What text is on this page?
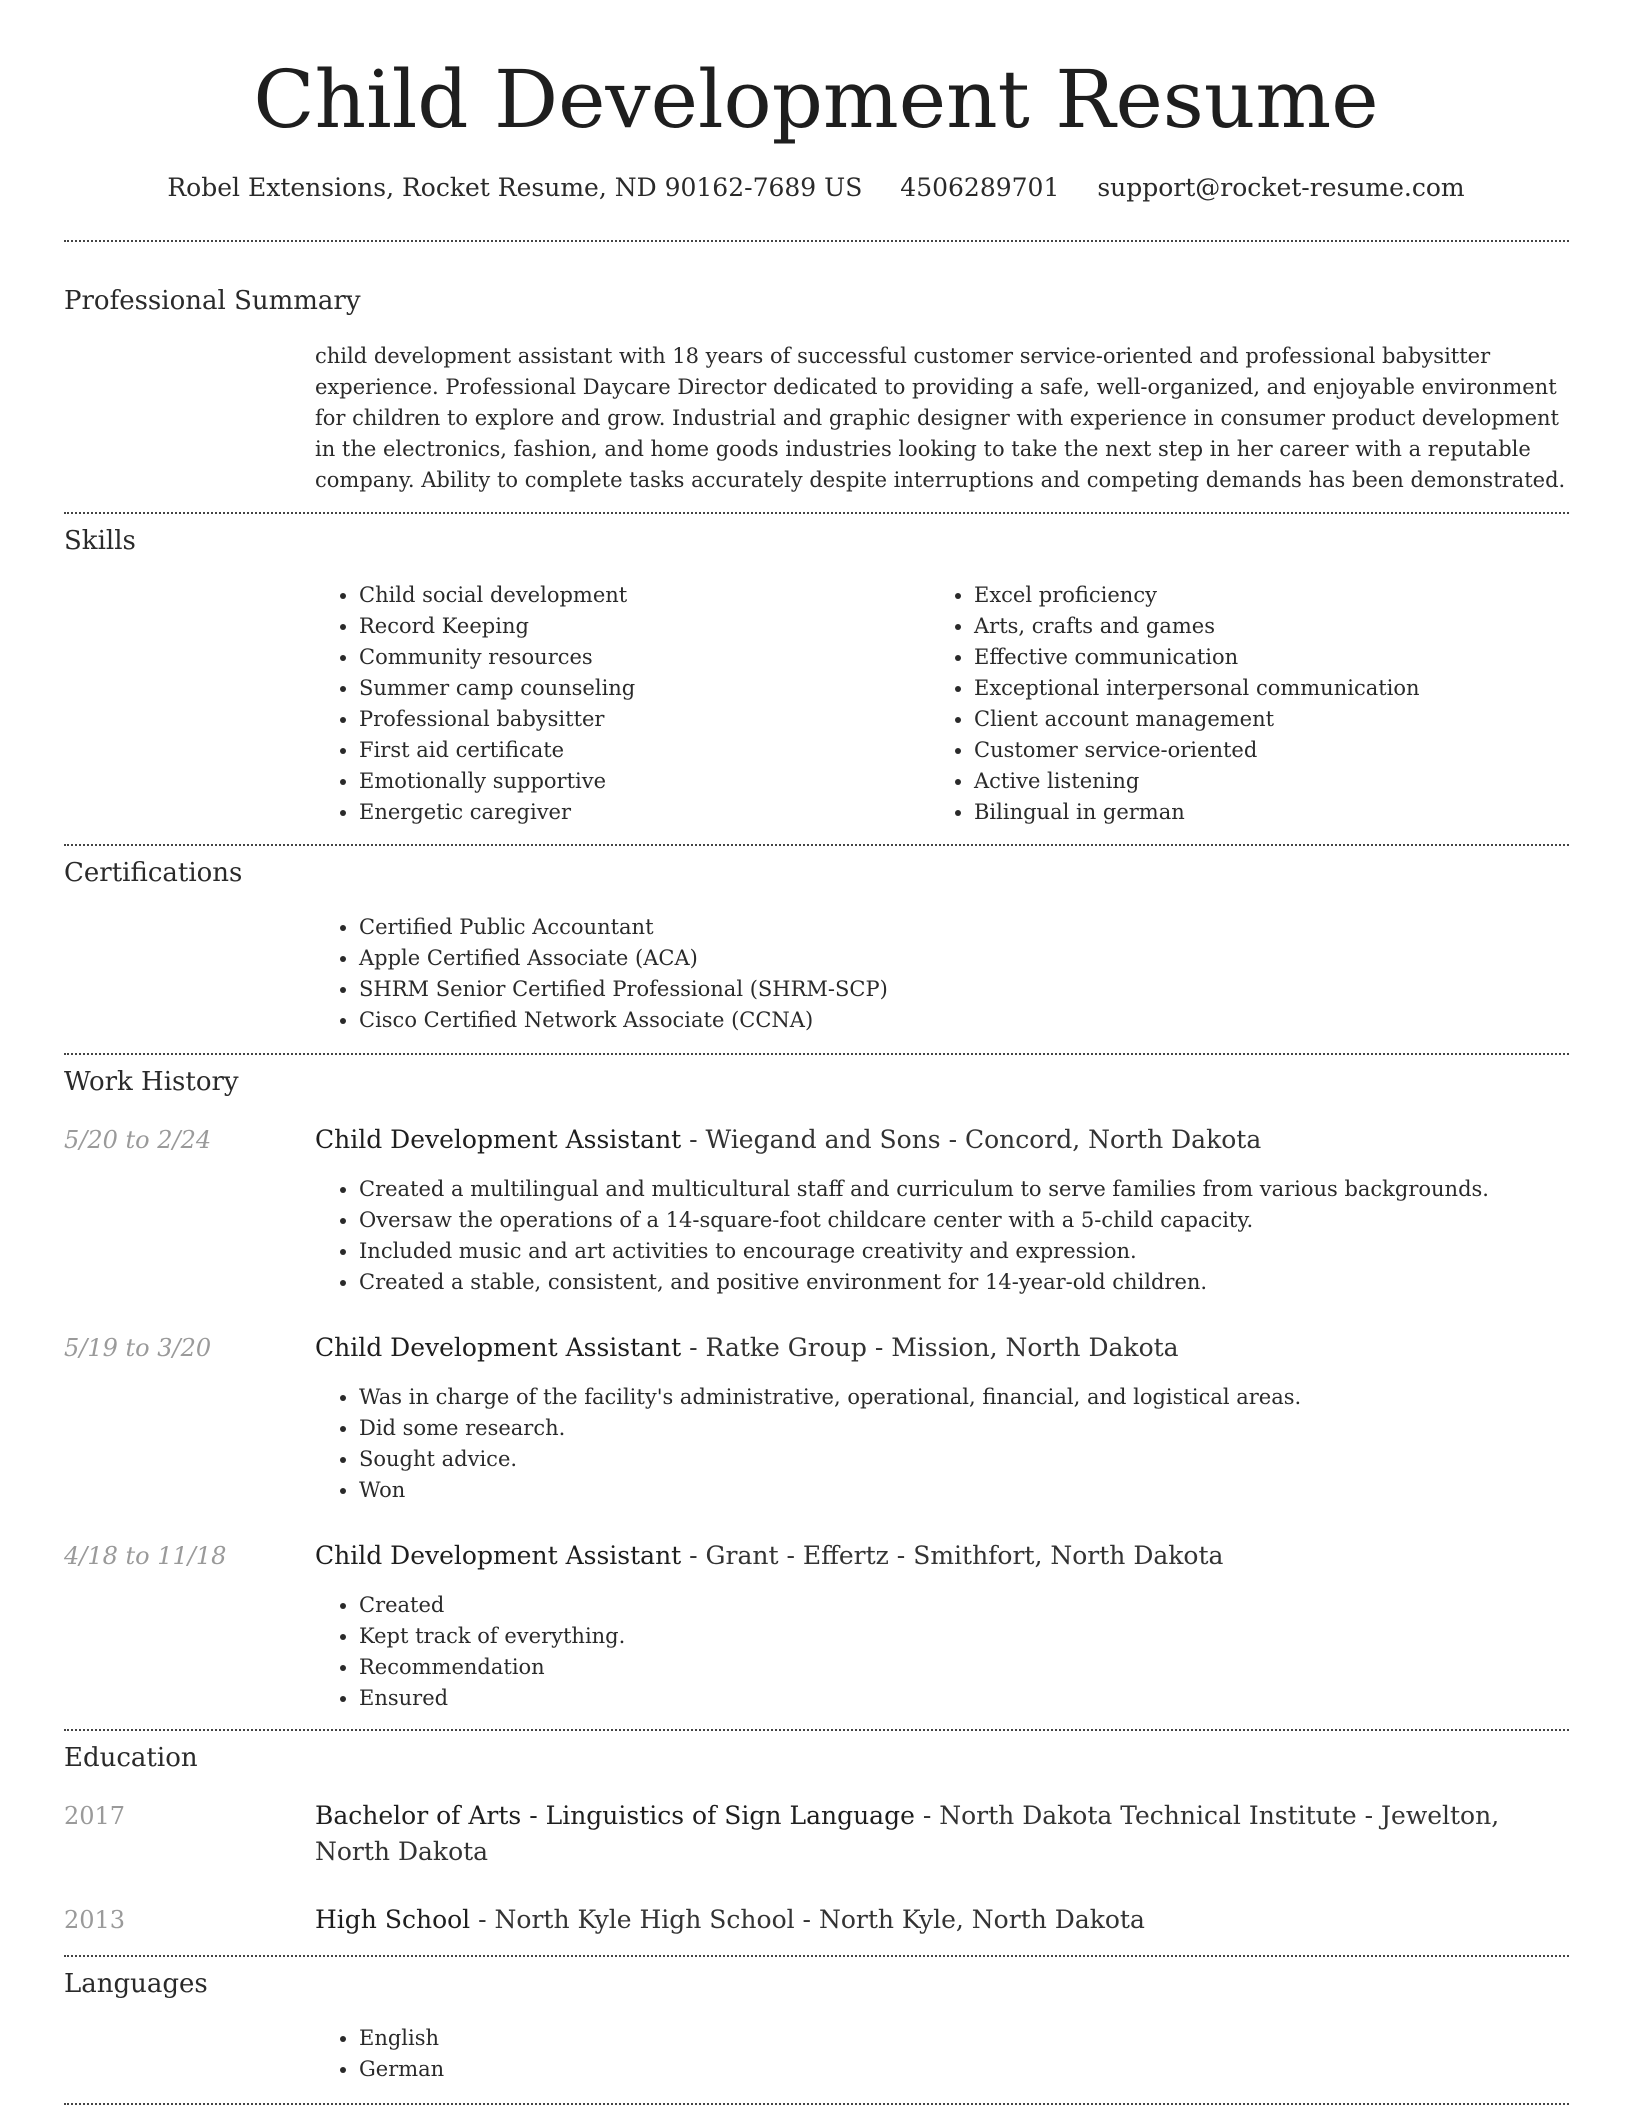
Child Development Resume
Robel Extensions, Rocket Resume, ND 90162-7689 US 4506289701 support@rocket-resume.com
Professional Summary

child development assistant with 18 years of successful customer service-oriented and professional babysitter experience. Professional Daycare Director dedicated to providing a safe, well-organized, and enjoyable environment for children to explore and grow. Industrial and graphic designer with experience in consumer product development in the electronics, fashion, and home goods industries looking to take the next step in her career with a reputable company. Ability to complete tasks accurately despite interruptions and competing demands has been demonstrated.

Skills
• Child social development
• Record Keeping
• Community resources
• Summer camp counseling
• Professional babysitter
• First aid certificate
• Emotionally supportive
• Energetic caregiver
• Excel proficiency
• Arts, crafts and games
• Effective communication
• Exceptional interpersonal communication
• Client account management
• Customer service-oriented
• Active listening
• Bilingual in german
Certifications
• Certified Public Accountant
• Apple Certified Associate (ACA)
• SHRM Senior Certified Professional (SHRM-SCP)
• Cisco Certified Network Associate (CCNA)
Work History
5/20 to 2/24	Child Development Assistant - Wiegand and Sons - Concord, North Dakota
• Created a multilingual and multicultural staff and curriculum to serve families from various backgrounds.
• Oversaw the operations of a 14-square-foot childcare center with a 5-child capacity.
• Included music and art activities to encourage creativity and expression.
• Created a stable, consistent, and positive environment for 14-year-old children.
5/19 to 3/20	Child Development Assistant - Ratke Group - Mission, North Dakota
• Was in charge of the facility's administrative, operational, financial, and logistical areas.
• Did some research.
• Sought advice.
• Won
4/18 to 11/18	Child Development Assistant - Grant - Effertz - Smithfort, North Dakota
• Created
• Kept track of everything.
• Recommendation
• Ensured
Education
2017	Bachelor of Arts - Linguistics of Sign Language - North Dakota Technical Institute - Jewelton, North Dakota
2013	High School - North Kyle High School - North Kyle, North Dakota
Languages
• English
• German
